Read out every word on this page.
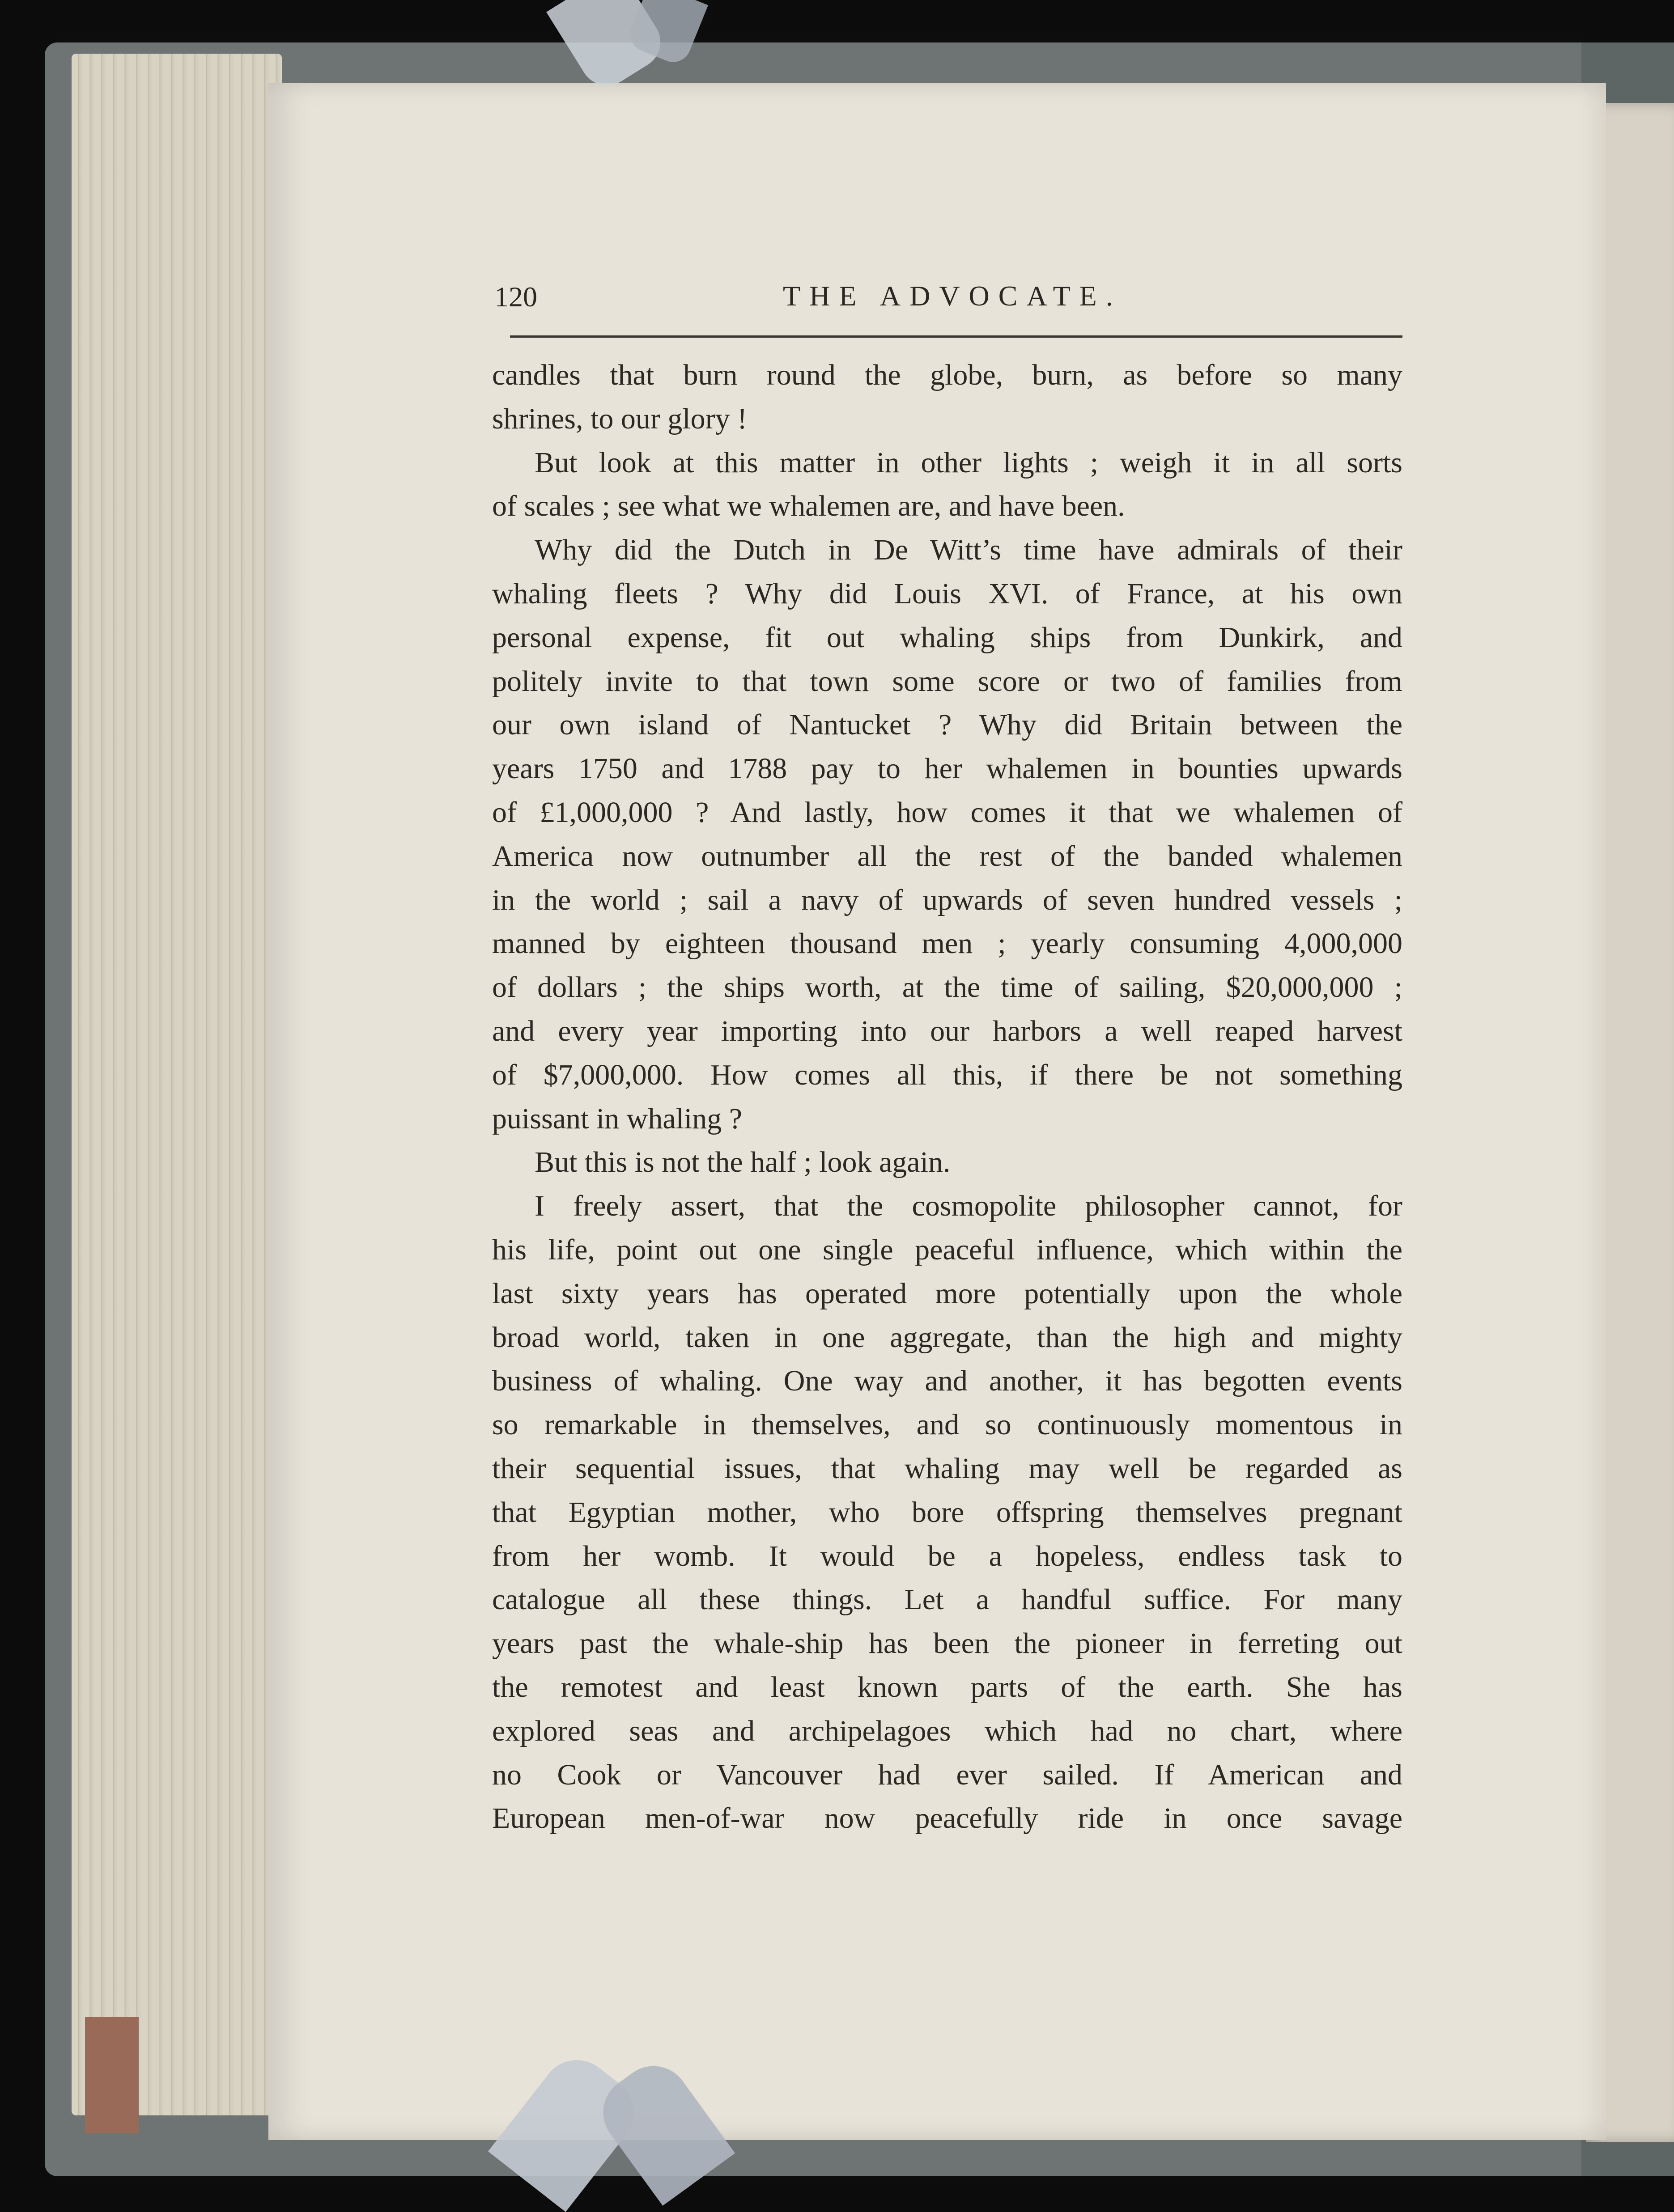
120	THE ADVOCATE.
candles that burn round the globe, burn, as before so many
shrines, to our glory !
But look at this matter in other lights ; weigh it in all sorts
of scales ; see what we whalemen are, and have been.
Why did the Dutch in De Witt’s time have admirals of their
whaling fleets ? Why did Louis XVI. of France, at his own
personal expense, fit out whaling ships from Dunkirk, and
politely invite to that town some score or two of families from
our own island of Nantucket ? Why did Britain between the
years 1750 and 1788 pay to her whalemen in bounties upwards
of £1,000,000 ? And lastly, how comes it that we whalemen of
America now outnumber all the rest of the banded whalemen
in the world ; sail a navy of upwards of seven hundred vessels ;
manned by eighteen thousand men ; yearly consuming 4,000,000
of dollars ; the ships worth, at the time of sailing, $20,000,000 ;
and every year importing into our harbors a well reaped harvest
of $7,000,000. How comes all this, if there be not something
puissant in whaling ?
But this is not the half ; look again.
I freely assert, that the cosmopolite philosopher cannot, for
his life, point out one single peaceful influence, which within the
last sixty years has operated more potentially upon the whole
broad world, taken in one aggregate, than the high and mighty
business of whaling. One way and another, it has begotten events
so remarkable in themselves, and so continuously momentous in
their sequential issues, that whaling may well be regarded as
that Egyptian mother, who bore offspring themselves pregnant
from her womb. It would be a hopeless, endless task to
catalogue all these things. Let a handful suffice. For many
years past the whale-ship has been the pioneer in ferreting out
the remotest and least known parts of the earth. She has
explored seas and archipelagoes which had no chart, where
no Cook or Vancouver had ever sailed. If American and
European men-of-war now peacefully ride in once savage
